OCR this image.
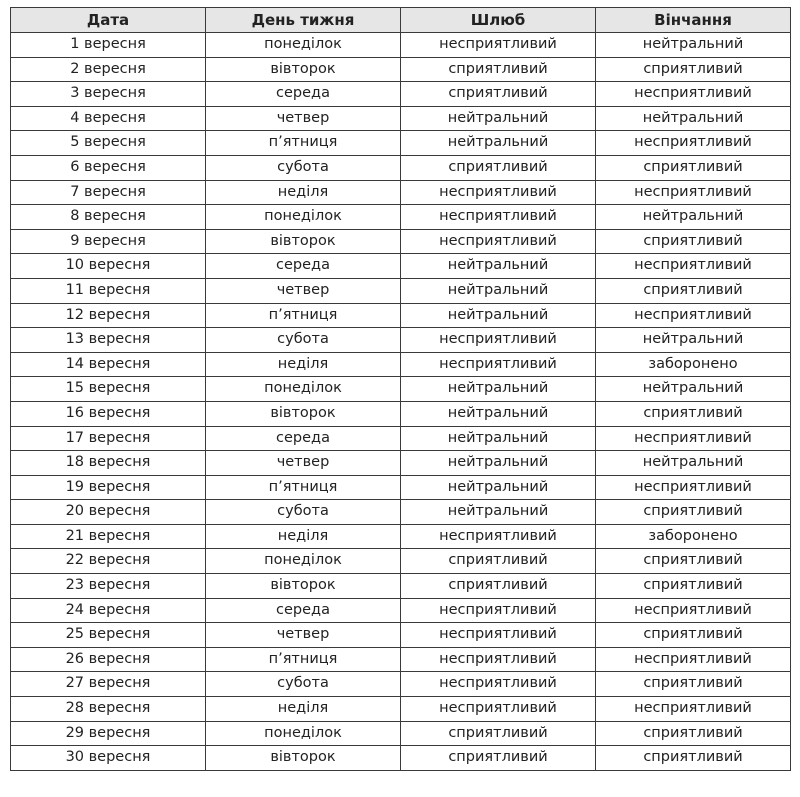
Дата	День тижня	Шлюб	Вінчання
1 вересня	понеділок	несприятливий	нейтральний
2 вересня	вівторок	сприятливий	сприятливий
3 вересня	середа	сприятливий	несприятливий
4 вересня	четвер	нейтральний	нейтральний
5 вересня	п’ятниця	нейтральний	несприятливий
6 вересня	субота	сприятливий	сприятливий
7 вересня	неділя	несприятливий	несприятливий
8 вересня	понеділок	несприятливий	нейтральний
9 вересня	вівторок	несприятливий	сприятливий
10 вересня	середа	нейтральний	несприятливий
11 вересня	четвер	нейтральний	сприятливий
12 вересня	п’ятниця	нейтральний	несприятливий
13 вересня	субота	несприятливий	нейтральний
14 вересня	неділя	несприятливий	заборонено
15 вересня	понеділок	нейтральний	нейтральний
16 вересня	вівторок	нейтральний	сприятливий
17 вересня	середа	нейтральний	несприятливий
18 вересня	четвер	нейтральний	нейтральний
19 вересня	п’ятниця	нейтральний	несприятливий
20 вересня	субота	нейтральний	сприятливий
21 вересня	неділя	несприятливий	заборонено
22 вересня	понеділок	сприятливий	сприятливий
23 вересня	вівторок	сприятливий	сприятливий
24 вересня	середа	несприятливий	несприятливий
25 вересня	четвер	несприятливий	сприятливий
26 вересня	п’ятниця	несприятливий	несприятливий
27 вересня	субота	несприятливий	сприятливий
28 вересня	неділя	несприятливий	несприятливий
29 вересня	понеділок	сприятливий	сприятливий
30 вересня	вівторок	сприятливий	сприятливий
